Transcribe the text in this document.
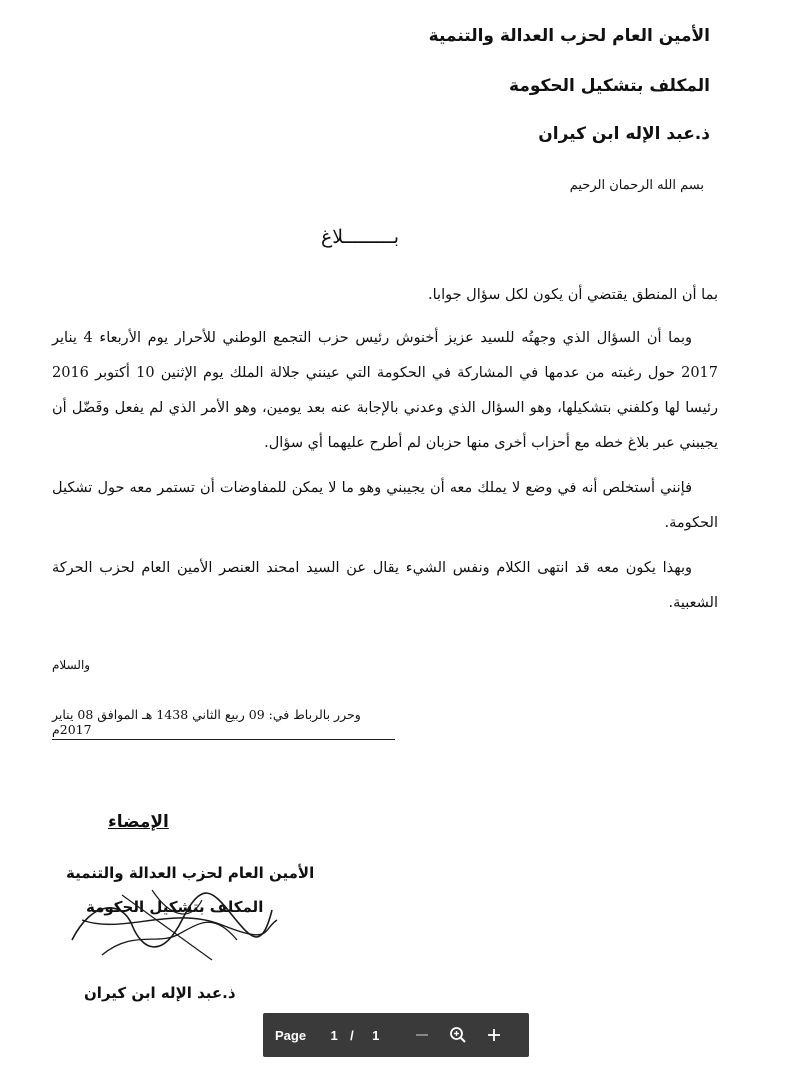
الأمين العام لحزب العدالة والتنمية
المكلف بتشكيل الحكومة
ذ.عبد الإله ابن كيران
بسم الله الرحمان الرحيم
بـــــــــلاغ

بما أن المنطق يقتضي أن يكون لكل سؤال جوابا.

وبما أن السؤال الذي وجهتُه للسيد عزيز أخنوش رئيس حزب التجمع الوطني للأحرار يوم الأربعاء 4 يناير 2017 حول رغبته من عدمها في المشاركة في الحكومة التي عينني جلالة الملك يوم الإثنين 10 أكتوبر 2016 رئيسا لها وكلفني بتشكيلها، وهو السؤال الذي وعدني بالإجابة عنه بعد يومين، وهو الأمر الذي لم يفعل وفَضّل أن يجيبني عبر بلاغ خطه مع أحزاب أخرى منها حزبان لم أطرح عليهما أي سؤال.

فإنني أستخلص أنه في وضع لا يملك معه أن يجيبني وهو ما لا يمكن للمفاوضات أن تستمر معه حول تشكيل الحكومة.

وبهذا يكون معه قد انتهى الكلام ونفس الشيء يقال عن السيد امحند العنصر الأمين العام لحزب الحركة الشعبية.

والسلام
وحرر بالرباط في: 09 ربيع الثاني 1438 هـ الموافق 08 يناير 2017م
الإمضاء
الأمين العام لحزب العدالة والتنمية
المكلف بتشكيل الحكومة
ذ.عبد الإله ابن كيران
Page	1 /	1
